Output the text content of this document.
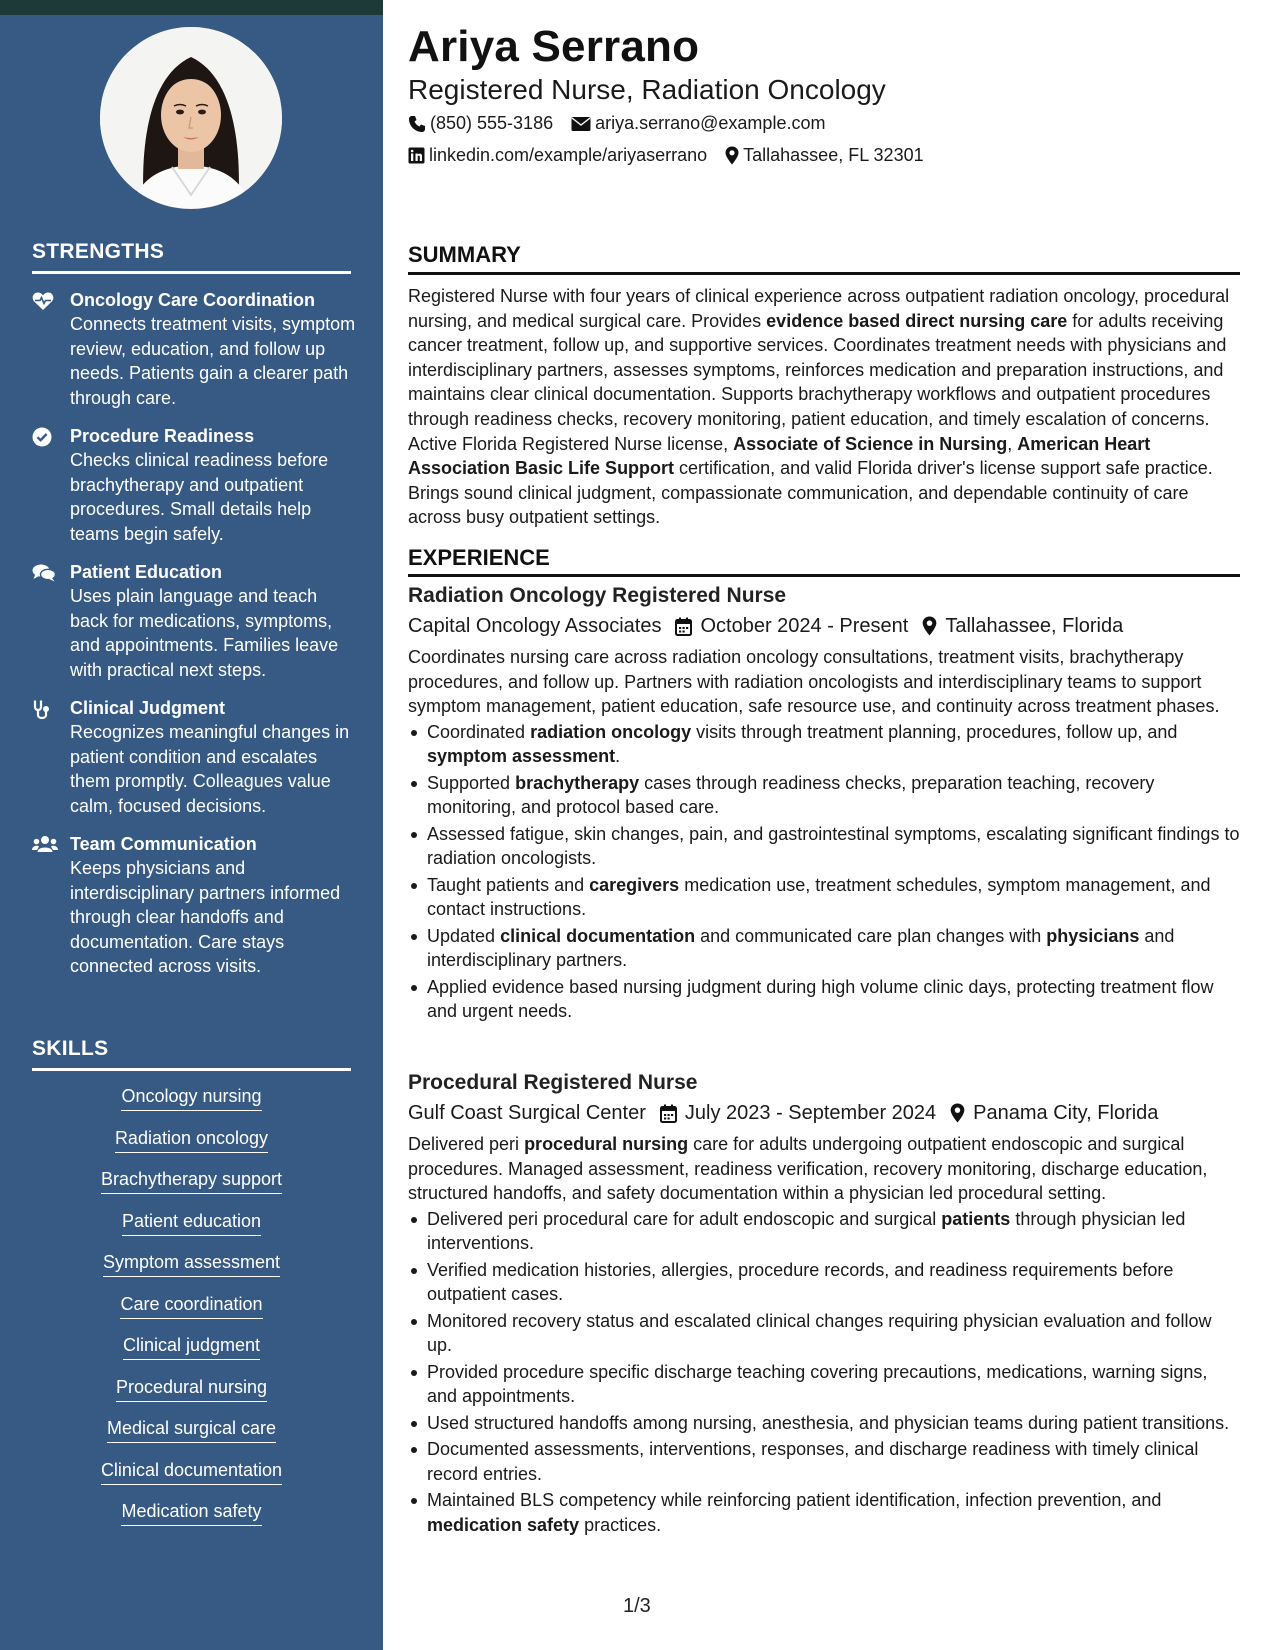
STRENGTHS
Oncology Care Coordination
Connects treatment visits, symptom review, education, and follow up needs. Patients gain a clearer path through care.
Procedure Readiness
Checks clinical readiness before brachytherapy and outpatient procedures. Small details help teams begin safely.
Patient Education
Uses plain language and teach back for medications, symptoms, and appointments. Families leave with practical next steps.
Clinical Judgment
Recognizes meaningful changes in patient condition and escalates them promptly. Colleagues value calm, focused decisions.
Team Communication
Keeps physicians and interdisciplinary partners informed through clear handoffs and documentation. Care stays connected across visits.
SKILLS
Oncology nursing
Radiation oncology
Brachytherapy support
Patient education
Symptom assessment
Care coordination
Clinical judgment
Procedural nursing
Medical surgical care
Clinical documentation
Medication safety
Ariya Serrano
Registered Nurse, Radiation Oncology
(850) 555-3186 ariya.serrano@example.com
linkedin.com/example/ariyaserrano Tallahassee, FL 32301
SUMMARY
Registered Nurse with four years of clinical experience across outpatient radiation oncology, procedural nursing, and medical surgical care. Provides evidence based direct nursing care for adults receiving cancer treatment, follow up, and supportive services. Coordinates treatment needs with physicians and interdisciplinary partners, assesses symptoms, reinforces medication and preparation instructions, and maintains clear clinical documentation. Supports brachytherapy workflows and outpatient procedures through readiness checks, recovery monitoring, patient education, and timely escalation of concerns. Active Florida Registered Nurse license, Associate of Science in Nursing, American Heart Association Basic Life Support certification, and valid Florida driver's license support safe practice. Brings sound clinical judgment, compassionate communication, and dependable continuity of care across busy outpatient settings.
EXPERIENCE
Radiation Oncology Registered Nurse
Capital Oncology Associates October 2024 - Present Tallahassee, Florida
Coordinates nursing care across radiation oncology consultations, treatment visits, brachytherapy procedures, and follow up. Partners with radiation oncologists and interdisciplinary teams to support symptom management, patient education, safe resource use, and continuity across treatment phases.
Coordinated radiation oncology visits through treatment planning, procedures, follow up, and symptom assessment.
Supported brachytherapy cases through readiness checks, preparation teaching, recovery monitoring, and protocol based care.
Assessed fatigue, skin changes, pain, and gastrointestinal symptoms, escalating significant findings to radiation oncologists.
Taught patients and caregivers medication use, treatment schedules, symptom management, and contact instructions.
Updated clinical documentation and communicated care plan changes with physicians and interdisciplinary partners.
Applied evidence based nursing judgment during high volume clinic days, protecting treatment flow and urgent needs.
Procedural Registered Nurse
Gulf Coast Surgical Center July 2023 - September 2024 Panama City, Florida
Delivered peri procedural nursing care for adults undergoing outpatient endoscopic and surgical procedures. Managed assessment, readiness verification, recovery monitoring, discharge education, structured handoffs, and safety documentation within a physician led procedural setting.
Delivered peri procedural care for adult endoscopic and surgical patients through physician led interventions.
Verified medication histories, allergies, procedure records, and readiness requirements before outpatient cases.
Monitored recovery status and escalated clinical changes requiring physician evaluation and follow up.
Provided procedure specific discharge teaching covering precautions, medications, warning signs, and appointments.
Used structured handoffs among nursing, anesthesia, and physician teams during patient transitions.
Documented assessments, interventions, responses, and discharge readiness with timely clinical record entries.
Maintained BLS competency while reinforcing patient identification, infection prevention, and medication safety practices.
1/3
